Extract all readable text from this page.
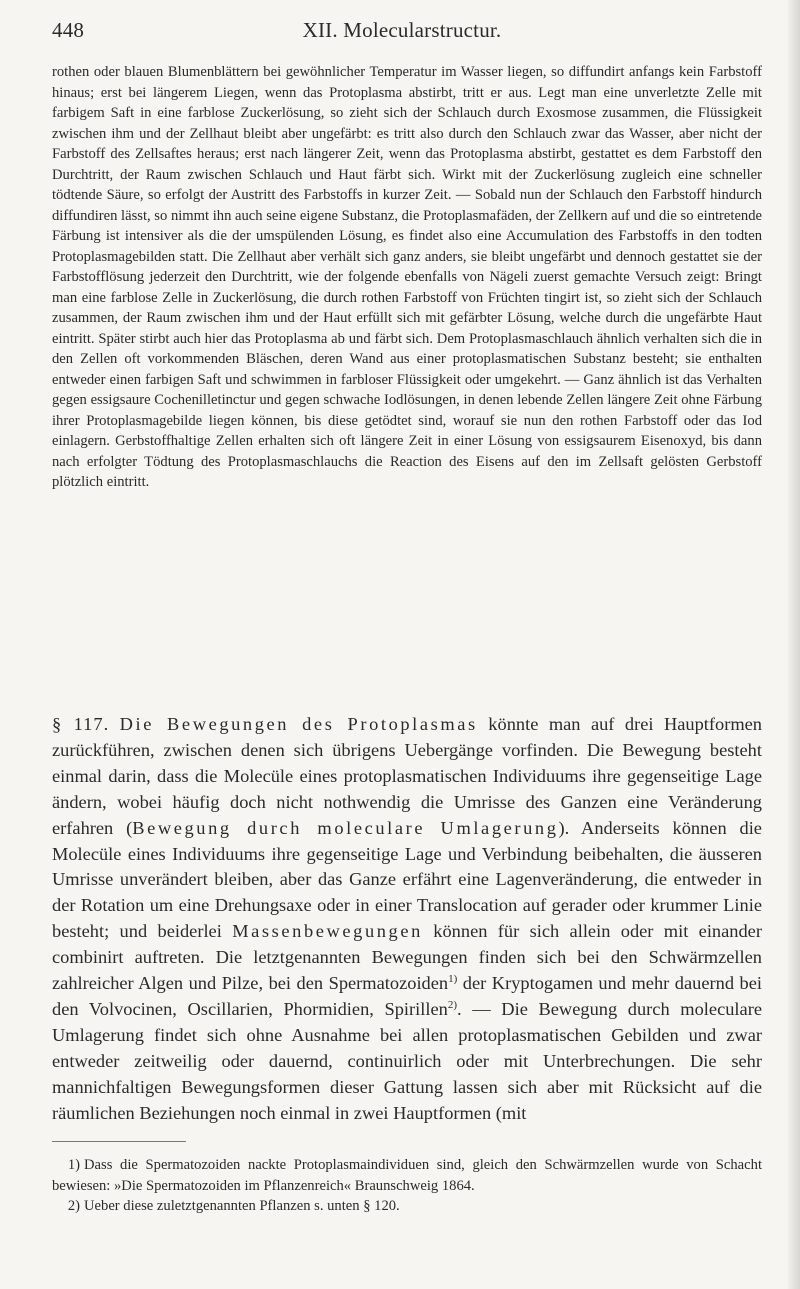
448	XII. Molecularstructur.

rothen oder blauen Blumenblättern bei gewöhnlicher Temperatur im Wasser liegen, so diffundirt anfangs kein Farbstoff hinaus; erst bei längerem Liegen, wenn das Protoplasma abstirbt, tritt er aus. Legt man eine unverletzte Zelle mit farbigem Saft in eine farblose Zuckerlösung, so zieht sich der Schlauch durch Exosmose zusammen, die Flüssigkeit zwischen ihm und der Zellhaut bleibt aber ungefärbt: es tritt also durch den Schlauch zwar das Wasser, aber nicht der Farbstoff des Zellsaftes heraus; erst nach längerer Zeit, wenn das Protoplasma abstirbt, gestattet es dem Farbstoff den Durchtritt, der Raum zwischen Schlauch und Haut färbt sich. Wirkt mit der Zuckerlösung zugleich eine schneller tödtende Säure, so erfolgt der Austritt des Farbstoffs in kurzer Zeit. — Sobald nun der Schlauch den Farbstoff hindurch diffundiren lässt, so nimmt ihn auch seine eigene Substanz, die Protoplasmafäden, der Zellkern auf und die so eintretende Färbung ist intensiver als die der umspülenden Lösung, es findet also eine Accumulation des Farbstoffs in den todten Protoplasmagebilden statt. Die Zellhaut aber verhält sich ganz anders, sie bleibt ungefärbt und dennoch gestattet sie der Farbstofflösung jederzeit den Durchtritt, wie der folgende ebenfalls von Nägeli zuerst gemachte Versuch zeigt: Bringt man eine farblose Zelle in Zuckerlösung, die durch rothen Farbstoff von Früchten tingirt ist, so zieht sich der Schlauch zusammen, der Raum zwischen ihm und der Haut erfüllt sich mit gefärbter Lösung, welche durch die ungefärbte Haut eintritt. Später stirbt auch hier das Protoplasma ab und färbt sich. Dem Protoplasmaschlauch ähnlich verhalten sich die in den Zellen oft vorkommenden Bläschen, deren Wand aus einer protoplasmatischen Substanz besteht; sie enthalten entweder einen farbigen Saft und schwimmen in farbloser Flüssigkeit oder umgekehrt. — Ganz ähnlich ist das Verhalten gegen essigsaure Cochenilletinctur und gegen schwache Iodlösungen, in denen lebende Zellen längere Zeit ohne Färbung ihrer Protoplasmagebilde liegen können, bis diese getödtet sind, worauf sie nun den rothen Farbstoff oder das Iod einlagern. Gerbstoffhaltige Zellen erhalten sich oft längere Zeit in einer Lösung von essigsaurem Eisenoxyd, bis dann nach erfolgter Tödtung des Protoplasmaschlauchs die Reaction des Eisens auf den im Zellsaft gelösten Gerbstoff plötzlich eintritt.

§ 117. Die Bewegungen des Protoplasmas könnte man auf drei Hauptformen zurückführen, zwischen denen sich übrigens Uebergänge vorfinden. Die Bewegung besteht einmal darin, dass die Molecüle eines protoplasmatischen Individuums ihre gegenseitige Lage ändern, wobei häufig doch nicht nothwendig die Umrisse des Ganzen eine Veränderung erfahren (Bewegung durch moleculare Umlagerung). Anderseits können die Molecüle eines Individuums ihre gegenseitige Lage und Verbindung beibehalten, die äusseren Umrisse unverändert bleiben, aber das Ganze erfährt eine Lagenveränderung, die entweder in der Rotation um eine Drehungsaxe oder in einer Translocation auf gerader oder krummer Linie besteht; und beiderlei Massenbewegungen können für sich allein oder mit einander combinirt auftreten. Die letztgenannten Bewegungen finden sich bei den Schwärmzellen zahlreicher Algen und Pilze, bei den Spermatozoiden$^{1)}$ der Kryptogamen und mehr dauernd bei den Volvocinen, Oscillarien, Phormidien, Spirillen$^{2)}$. — Die Bewegung durch moleculare Umlagerung findet sich ohne Ausnahme bei allen protoplasmatischen Gebilden und zwar entweder zeitweilig oder dauernd, continuirlich oder mit Unterbrechungen. Die sehr mannichfaltigen Bewegungsformen dieser Gattung lassen sich aber mit Rücksicht auf die räumlichen Beziehungen noch einmal in zwei Hauptformen (mit

1) Dass die Spermatozoiden nackte Protoplasmaindividuen sind, gleich den Schwärmzellen wurde von Schacht bewiesen: »Die Spermatozoiden im Pflanzenreich« Braunschweig 1864.

2) Ueber diese zuletztgenannten Pflanzen s. unten § 120.
